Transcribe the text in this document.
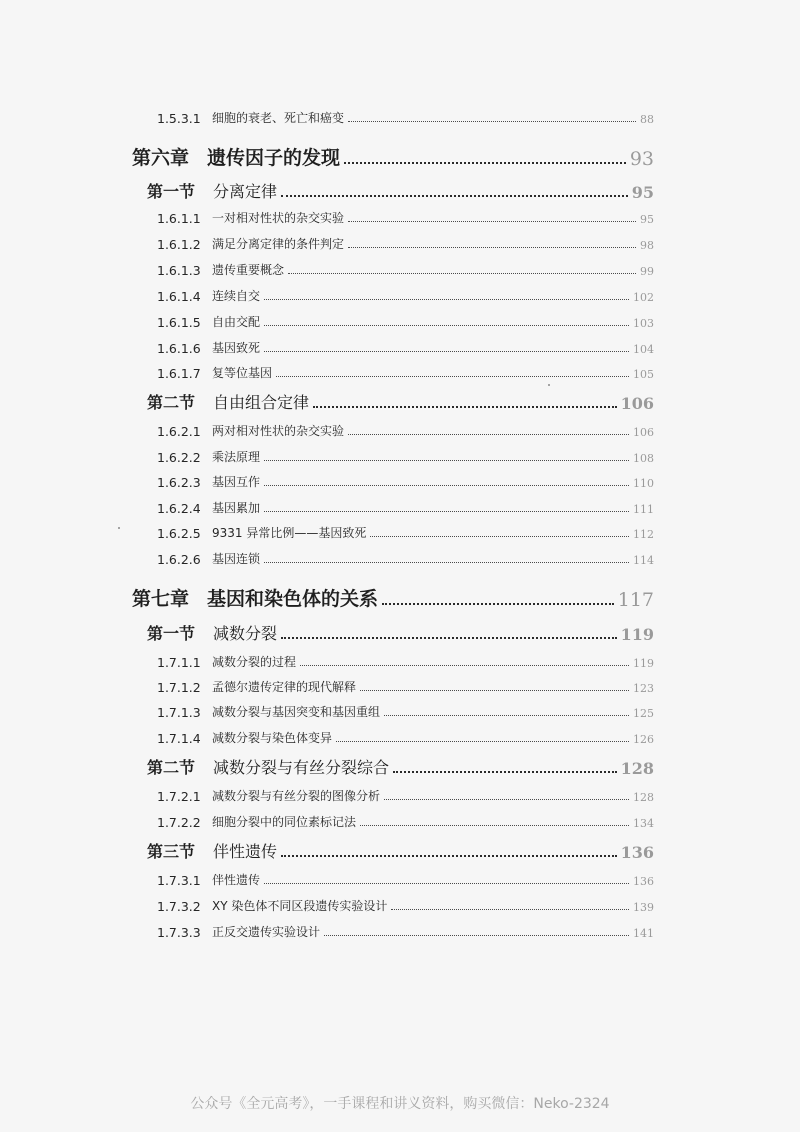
1.5.3.1 细胞的衰老、死亡和癌变	88
第六章 遗传因子的发现	93
第一节 分离定律	95
1.6.1.1 一对相对性状的杂交实验	95
1.6.1.2 满足分离定律的条件判定	98
1.6.1.3 遗传重要概念	99
1.6.1.4 连续自交	102
1.6.1.5 自由交配	103
1.6.1.6 基因致死	104
1.6.1.7 复等位基因	105
第二节 自由组合定律	106
1.6.2.1 两对相对性状的杂交实验	106
1.6.2.2 乘法原理	108
1.6.2.3 基因互作	110
1.6.2.4 基因累加	111
1.6.2.5 9331 异常比例——基因致死	112
1.6.2.6 基因连锁	114
第七章 基因和染色体的关系	117
第一节 减数分裂	119
1.7.1.1 减数分裂的过程	119
1.7.1.2 孟德尔遗传定律的现代解释	123
1.7.1.3 减数分裂与基因突变和基因重组	125
1.7.1.4 减数分裂与染色体变异	126
第二节 减数分裂与有丝分裂综合	128
1.7.2.1 减数分裂与有丝分裂的图像分析	128
1.7.2.2 细胞分裂中的同位素标记法	134
第三节 伴性遗传	136
1.7.3.1 伴性遗传	136
1.7.3.2 XY 染色体不同区段遗传实验设计	139
1.7.3.3 正反交遗传实验设计	141
公众号《全元高考》，一手课程和讲义资料，购买微信：Neko-2324
